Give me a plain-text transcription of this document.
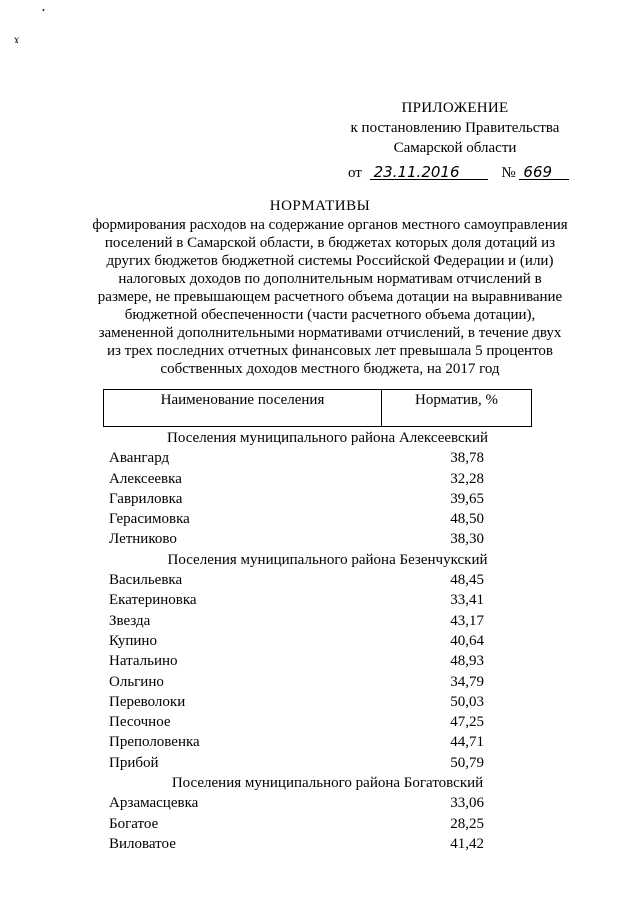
•
ɤ
ПРИЛОЖЕНИЕ
к постановлению Правительства
Самарской области
от 23.11.2016	№ 669
НОРМАТИВЫ
формирования расходов на содержание органов местного самоуправления поселений в Самарской области, в бюджетах которых доля дотаций из других бюджетов бюджетной системы Российской Федерации и (или) налоговых доходов по дополнительным нормативам отчислений в размере, не превышающем расчетного объема дотации на выравнивание бюджетной обеспеченности (части расчетного объема дотации), замененной дополнительными нормативами отчислений, в течение двух из трех последних отчетных финансовых лет превышала 5 процентов собственных доходов местного бюджета, на 2017 год
Наименование поселения	Норматив, %
Поселения муниципального района Алексеевский
Авангард	38,78
Алексеевка	32,28
Гавриловка	39,65
Герасимовка	48,50
Летниково	38,30
Поселения муниципального района Безенчукский
Васильевка	48,45
Екатериновка	33,41
Звезда	43,17
Купино	40,64
Натальино	48,93
Ольгино	34,79
Переволоки	50,03
Песочное	47,25
Преполовенка	44,71
Прибой	50,79
Поселения муниципального района Богатовский
Арзамасцевка	33,06
Богатое	28,25
Виловатое	41,42
